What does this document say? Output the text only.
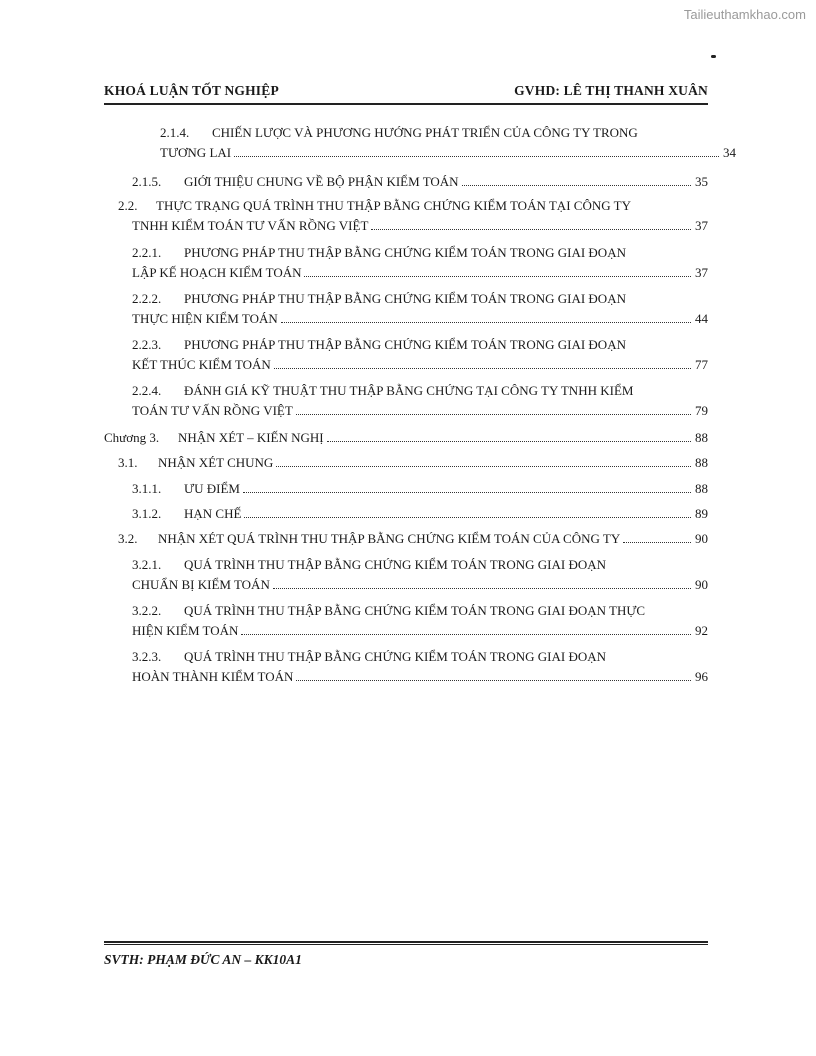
Tailieuthamkhao.com
KHOÁ LUẬN TỐT NGHIỆP	GVHD: LÊ THỊ THANH XUÂN
2.1.4.	CHIẾN LƯỢC VÀ PHƯƠNG HƯỚNG PHÁT TRIỂN CỦA CÔNG TY TRONG
TƯƠNG LAI	34
2.1.5.	GIỚI THIỆU CHUNG VỀ BỘ PHẬN KIỂM TOÁN	35
2.2.	THỰC TRẠNG QUÁ TRÌNH THU THẬP BẰNG CHỨNG KIỂM TOÁN TẠI CÔNG TY
TNHH KIỂM TOÁN TƯ VẤN RỒNG VIỆT	37
2.2.1.	PHƯƠNG PHÁP THU THẬP BẰNG CHỨNG KIỂM TOÁN TRONG GIAI ĐOẠN
LẬP KẾ HOẠCH KIỂM TOÁN	37
2.2.2.	PHƯƠNG PHÁP THU THẬP BẰNG CHỨNG KIỂM TOÁN TRONG GIAI ĐOẠN
THỰC HIỆN KIỂM TOÁN	44
2.2.3.	PHƯƠNG PHÁP THU THẬP BẰNG CHỨNG KIỂM TOÁN TRONG GIAI ĐOẠN
KẾT THÚC KIỂM TOÁN	77
2.2.4.	ĐÁNH GIÁ KỸ THUẬT THU THẬP BẰNG CHỨNG TẠI CÔNG TY TNHH KIỂM
TOÁN TƯ VẤN RỒNG VIỆT	79
Chương 3.	NHẬN XÉT – KIẾN NGHỊ	88
3.1.	NHẬN XÉT CHUNG	88
3.1.1.	ƯU ĐIỂM	88
3.1.2.	HẠN CHẾ	89
3.2.	NHẬN XÉT QUÁ TRÌNH THU THẬP BẰNG CHỨNG KIỂM TOÁN CỦA CÔNG TY	90
3.2.1.	QUÁ TRÌNH THU THẬP BẰNG CHỨNG KIỂM TOÁN TRONG GIAI ĐOẠN
CHUẨN BỊ KIỂM TOÁN	90
3.2.2.	QUÁ TRÌNH THU THẬP BẰNG CHỨNG KIỂM TOÁN TRONG GIAI ĐOẠN THỰC
HIỆN KIỂM TOÁN	92
3.2.3.	QUÁ TRÌNH THU THẬP BẰNG CHỨNG KIỂM TOÁN TRONG GIAI ĐOẠN
HOÀN THÀNH KIỂM TOÁN	96
SVTH: PHẠM ĐỨC AN – KK10A1
